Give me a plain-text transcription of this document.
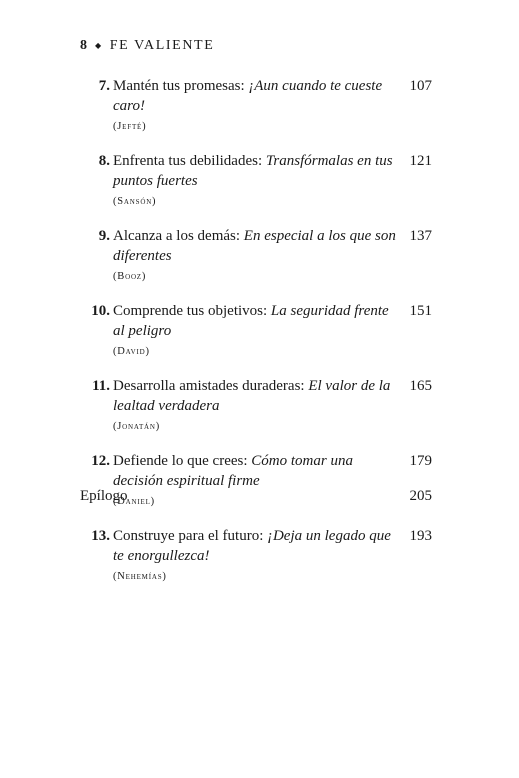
8 ◆ FE VALIENTE
7. Mantén tus promesas: ¡Aun cuando te cueste caro!
(Jefté)
107
8. Enfrenta tus debilidades: Transfórmalas en tus puntos fuertes
(Sansón)
121
9. Alcanza a los demás: En especial a los que son diferentes
(Booz)
137
10. Comprende tus objetivos: La seguridad frente al peligro
(David)
151
11. Desarrolla amistades duraderas: El valor de la lealtad verdadera
(Jonatán)
165
12. Defiende lo que crees: Cómo tomar una decisión espiritual firme
(Daniel)
179
13. Construye para el futuro: ¡Deja un legado que te enorgullezca!
(Nehemías)
193
Epílogo	205
